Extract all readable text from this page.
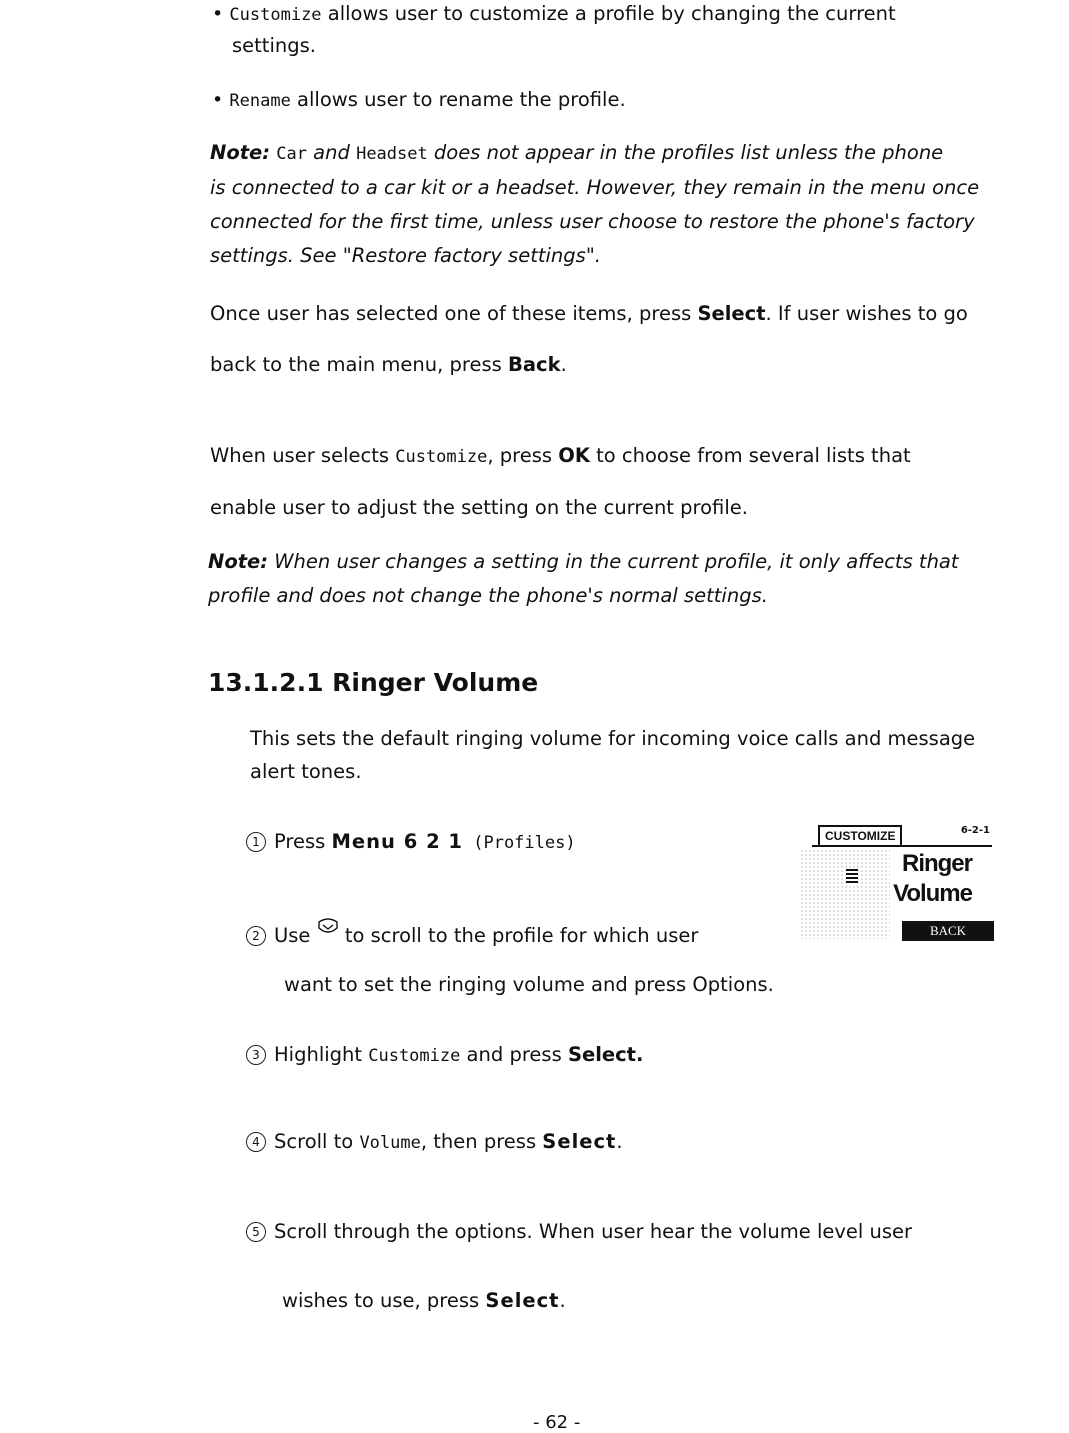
• Customize allows user to customize a profile by changing the current
settings.
• Rename allows user to rename the profile.
Note: Car and Headset does not appear in the profiles list unless the phone
is connected to a car kit or a headset. However, they remain in the menu once
connected for the first time, unless user choose to restore the phone's factory
settings. See "Restore factory settings".
Once user has selected one of these items, press Select. If user wishes to go
back to the main menu, press Back.
When user selects Customize, press OK to choose from several lists that
enable user to adjust the setting on the current profile.
Note: When user changes a setting in the current profile, it only affects that
profile and does not change the phone's normal settings.
13.1.2.1 Ringer Volume
This sets the default ringing volume for incoming voice calls and message
alert tones.
1 Press Menu 6 2 1 (Profiles)
2 Use  to scroll to the profile for which user
want to set the ringing volume and press Options.
CUSTOMIZE	6-2-1
Ringer
Volume
BACK
3 Highlight Customize and press Select.
4 Scroll to Volume, then press Select.
5 Scroll through the options. When user hear the volume level user
wishes to use, press Select.
- 62 -
